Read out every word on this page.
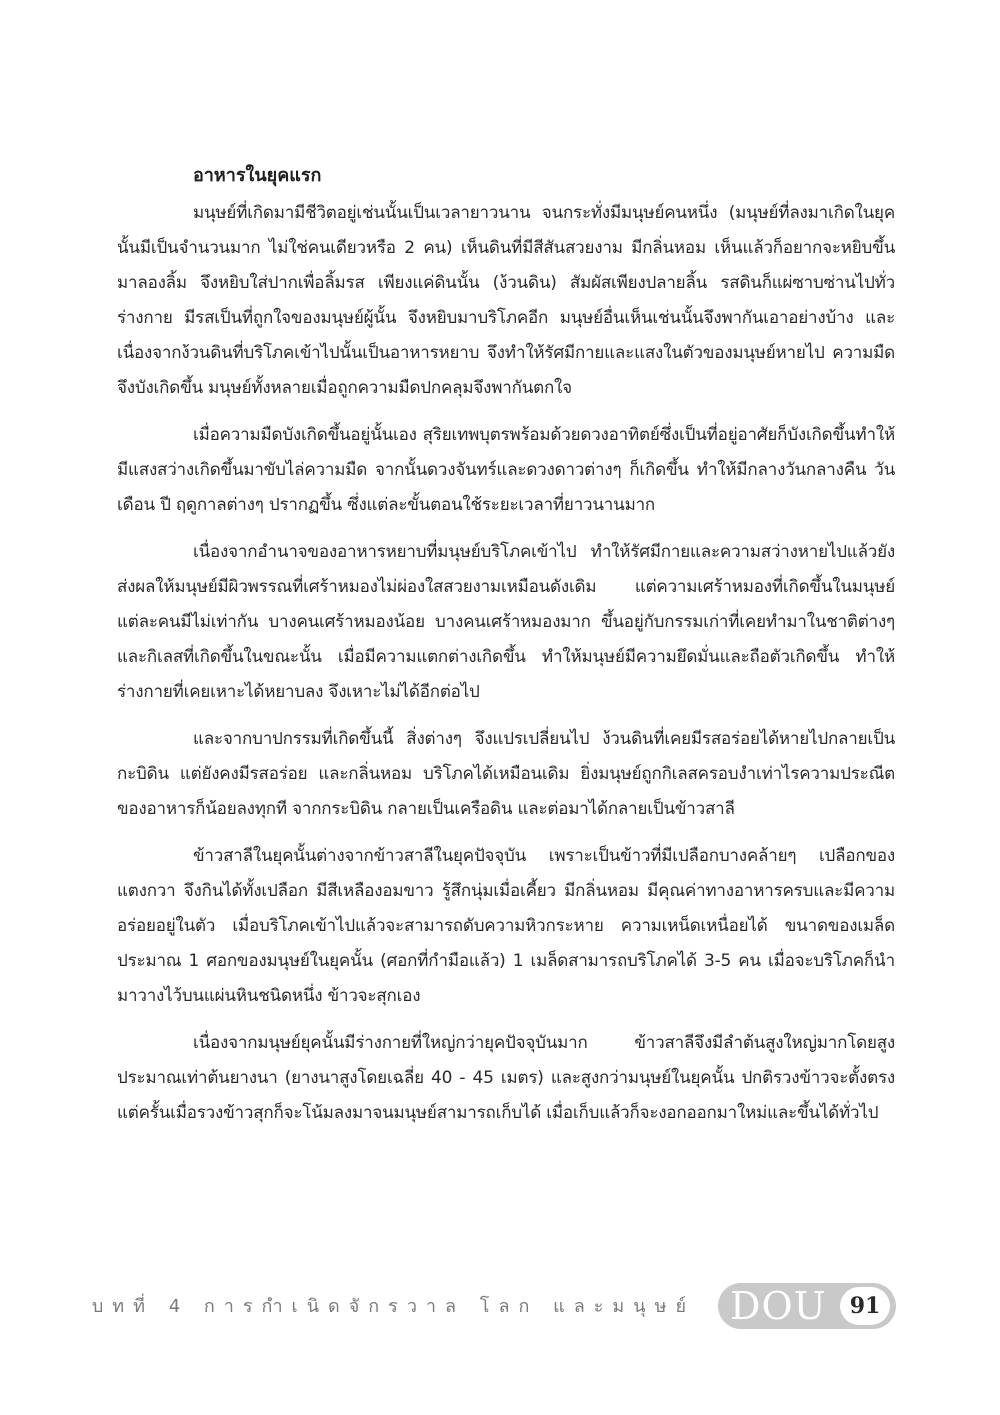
อาหารในยุคแรก

มนุษย์ที่เกิดมามีชีวิตอยู่เช่นนั้นเป็นเวลายาวนาน จนกระทั่งมีมนุษย์คนหนึ่ง (มนุษย์ที่ลงมาเกิดในยุคนั้นมีเป็นจำนวนมาก ไม่ใช่คนเดียวหรือ 2 คน) เห็นดินที่มีสีสันสวยงาม มีกลิ่นหอม เห็นแล้วก็อยากจะหยิบขึ้นมาลองลิ้ม จึงหยิบใส่ปากเพื่อลิ้มรส เพียงแค่ดินนั้น (ง้วนดิน) สัมผัสเพียงปลายลิ้น รสดินก็แผ่ซาบซ่านไปทั่วร่างกาย มีรสเป็นที่ถูกใจของมนุษย์ผู้นั้น จึงหยิบมาบริโภคอีก มนุษย์อื่นเห็นเช่นนั้นจึงพากันเอาอย่างบ้าง และเนื่องจากง้วนดินที่บริโภคเข้าไปนั้นเป็นอาหารหยาบ จึงทำให้รัศมีกายและแสงในตัวของมนุษย์หายไป ความมืดจึงบังเกิดขึ้น มนุษย์ทั้งหลายเมื่อถูกความมืดปกคลุมจึงพากันตกใจ

เมื่อความมืดบังเกิดขึ้นอยู่นั้นเอง สุริยเทพบุตรพร้อมด้วยดวงอาทิตย์ซึ่งเป็นที่อยู่อาศัยก็บังเกิดขึ้นทำให้มีแสงสว่างเกิดขึ้นมาขับไล่ความมืด จากนั้นดวงจันทร์และดวงดาวต่างๆ ก็เกิดขึ้น ทำให้มีกลางวันกลางคืน วัน เดือน ปี ฤดูกาลต่างๆ ปรากฏขึ้น ซึ่งแต่ละขั้นตอนใช้ระยะเวลาที่ยาวนานมาก

เนื่องจากอำนาจของอาหารหยาบที่มนุษย์บริโภคเข้าไป ทำให้รัศมีกายและความสว่างหายไปแล้วยังส่งผลให้มนุษย์มีผิวพรรณที่เศร้าหมองไม่ผ่องใสสวยงามเหมือนดังเดิม แต่ความเศร้าหมองที่เกิดขึ้นในมนุษย์แต่ละคนมีไม่เท่ากัน บางคนเศร้าหมองน้อย บางคนเศร้าหมองมาก ขึ้นอยู่กับกรรมเก่าที่เคยทำมาในชาติต่างๆ และกิเลสที่เกิดขึ้นในขณะนั้น เมื่อมีความแตกต่างเกิดขึ้น ทำให้มนุษย์มีความยึดมั่นและถือตัวเกิดขึ้น ทำให้ร่างกายที่เคยเหาะได้หยาบลง จึงเหาะไม่ได้อีกต่อไป

และจากบาปกรรมที่เกิดขึ้นนี้ สิ่งต่างๆ จึงแปรเปลี่ยนไป ง้วนดินที่เคยมีรสอร่อยได้หายไปกลายเป็นกะบิดิน แต่ยังคงมีรสอร่อย และกลิ่นหอม บริโภคได้เหมือนเดิม ยิ่งมนุษย์ถูกกิเลสครอบงำเท่าไรความประณีตของอาหารก็น้อยลงทุกที จากกระบิดิน กลายเป็นเครือดิน และต่อมาได้กลายเป็นข้าวสาลี

ข้าวสาลีในยุคนั้นต่างจากข้าวสาลีในยุคปัจจุบัน เพราะเป็นข้าวที่มีเปลือกบางคล้ายๆ เปลือกของแตงกวา จึงกินได้ทั้งเปลือก มีสีเหลืองอมขาว รู้สึกนุ่มเมื่อเคี้ยว มีกลิ่นหอม มีคุณค่าทางอาหารครบและมีความอร่อยอยู่ในตัว เมื่อบริโภคเข้าไปแล้วจะสามารถดับความหิวกระหาย ความเหน็ดเหนื่อยได้ ขนาดของเมล็ดประมาณ 1 ศอกของมนุษย์ในยุคนั้น (ศอกที่กำมือแล้ว) 1 เมล็ดสามารถบริโภคได้ 3-5 คน เมื่อจะบริโภคก็นำมาวางไว้บนแผ่นหินชนิดหนึ่ง ข้าวจะสุกเอง

เนื่องจากมนุษย์ยุคนั้นมีร่างกายที่ใหญ่กว่ายุคปัจจุบันมาก ข้าวสาลีจึงมีลำต้นสูงใหญ่มากโดยสูงประมาณเท่าต้นยางนา (ยางนาสูงโดยเฉลี่ย 40 - 45 เมตร) และสูงกว่ามนุษย์ในยุคนั้น ปกติรวงข้าวจะตั้งตรง แต่ครั้นเมื่อรวงข้าวสุกก็จะโน้มลงมาจนมนุษย์สามารถเก็บได้ เมื่อเก็บแล้วก็จะงอกออกมาใหม่และขึ้นได้ทั่วไป

บทที่ 4 การกำเนิดจักรวาล โลก และมนุษย์ DOU	91
